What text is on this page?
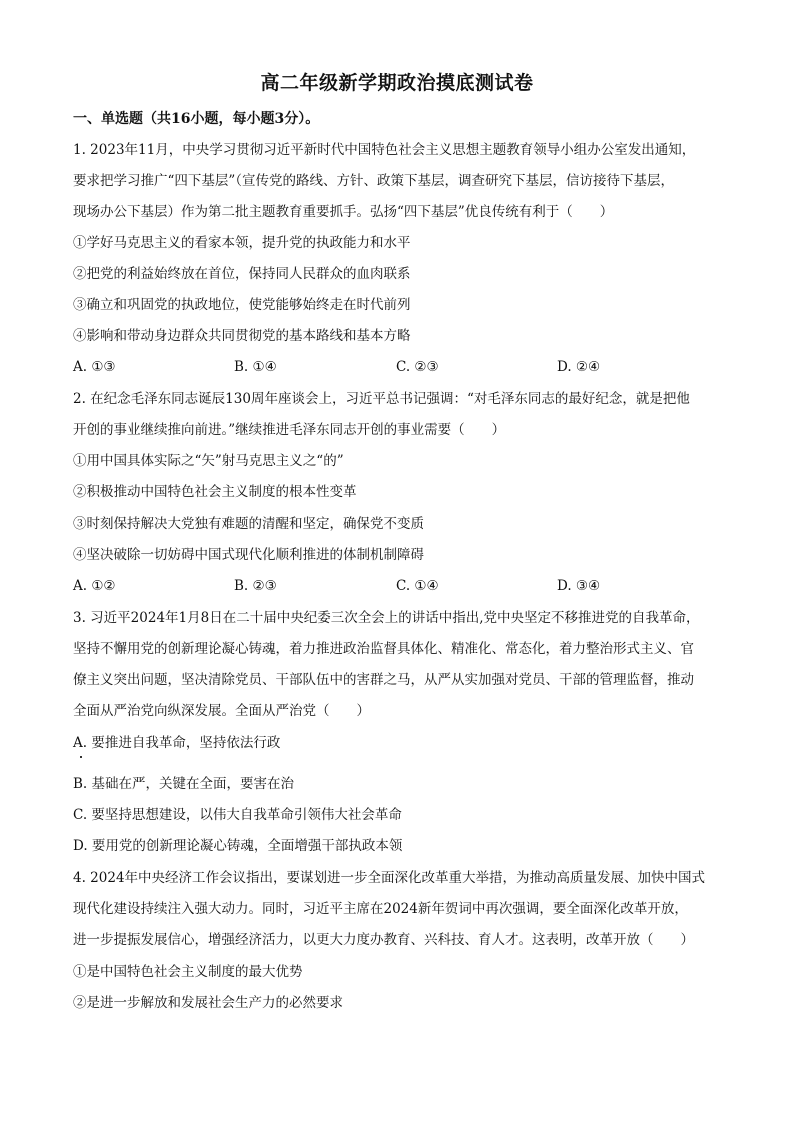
高二年级新学期政治摸底测试卷
一、单选题（共16小题，每小题3分）。
1. 2023年11月，中央学习贯彻习近平新时代中国特色社会主义思想主题教育领导小组办公室发出通知，
要求把学习推广“四下基层”（宣传党的路线、方针、政策下基层，调查研究下基层，信访接待下基层，
现场办公下基层）作为第二批主题教育重要抓手。弘扬“四下基层”优良传统有利于（　　）
①学好马克思主义的看家本领，提升党的执政能力和水平
②把党的利益始终放在首位，保持同人民群众的血肉联系
③确立和巩固党的执政地位，使党能够始终走在时代前列
④影响和带动身边群众共同贯彻党的基本路线和基本方略
A. ①③	B. ①④	C. ②③	D. ②④
2. 在纪念毛泽东同志诞辰130周年座谈会上，习近平总书记强调：“对毛泽东同志的最好纪念，就是把他
开创的事业继续推向前进。”继续推进毛泽东同志开创的事业需要（　　）
①用中国具体实际之“矢”射马克思主义之“的”
②积极推动中国特色社会主义制度的根本性变革
③时刻保持解决大党独有难题的清醒和坚定，确保党不变质
④坚决破除一切妨碍中国式现代化顺利推进的体制机制障碍
A. ①②	B. ②③	C. ①④	D. ③④
3. 习近平2024年1月8日在二十届中央纪委三次全会上的讲话中指出,党中央坚定不移推进党的自我革命，
坚持不懈用党的创新理论凝心铸魂，着力推进政治监督具体化、精准化、常态化，着力整治形式主义、官
僚主义突出问题，坚决清除党员、干部队伍中的害群之马，从严从实加强对党员、干部的管理监督，推动
全面从严治党向纵深发展。全面从严治党（　　）
A. 要推进自我革命，坚持依法行政
B. 基础在严，关键在全面，要害在治
C. 要坚持思想建设，以伟大自我革命引领伟大社会革命
D. 要用党的创新理论凝心铸魂，全面增强干部执政本领
4. 2024年中央经济工作会议指出，要谋划进一步全面深化改革重大举措，为推动高质量发展、加快中国式
现代化建设持续注入强大动力。同时，习近平主席在2024新年贺词中再次强调，要全面深化改革开放，
进一步提振发展信心，增强经济活力，以更大力度办教育、兴科技、育人才。这表明，改革开放（　　）
①是中国特色社会主义制度的最大优势
②是进一步解放和发展社会生产力的必然要求
